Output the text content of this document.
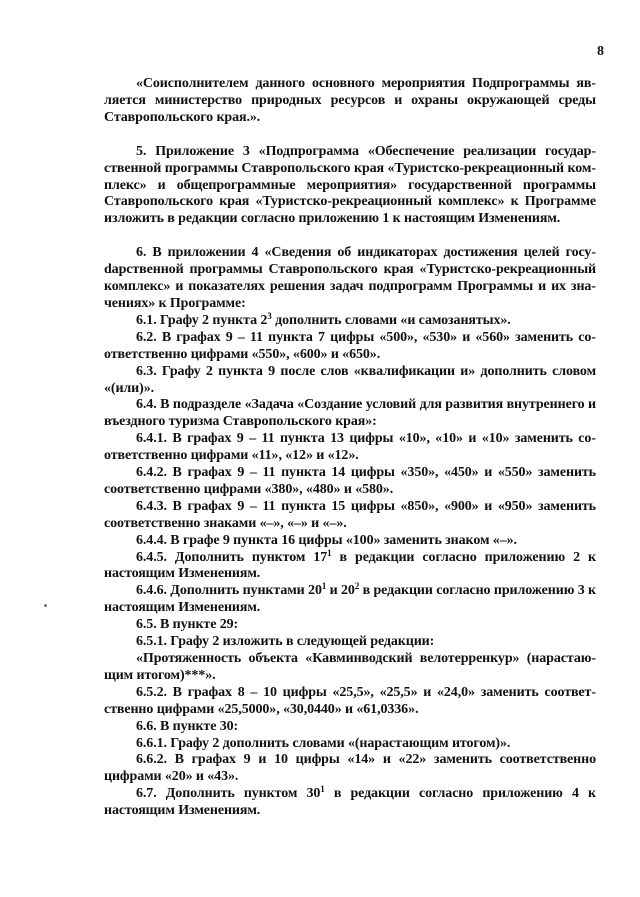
8

«Соисполнителем данного основного мероприятия Подпрограммы является министерство природных ресурсов и охраны окружающей среды Ставропольского края.».

5. Приложение 3 «Подпрограмма «Обеспечение реализации государственной программы Ставропольского края «Туристско-рекреационный комплекс» и общепрограммные мероприятия» государственной программы Ставропольского края «Туристско-рекреационный комплекс» к Программе изложить в редакции согласно приложению 1 к настоящим Изменениям.

6. В приложении 4 «Сведения об индикаторах достижения целей госуdарственной программы Ставропольского края «Туристско-рекреационный комплекс» и показателях решения задач подпрограмм Программы и их значениях» к Программе:

6.1. Графу 2 пункта $2^3$ дополнить словами «и самозанятых».

6.2. В графах 9 – 11 пункта 7 цифры «500», «530» и «560» заменить соответственно цифрами «550», «600» и «650».

6.3. Графу 2 пункта 9 после слов «квалификации и» дополнить словом «(или)».

6.4. В подразделе «Задача «Создание условий для развития внутреннего и въездного туризма Ставропольского края»:

6.4.1. В графах 9 – 11 пункта 13 цифры «10», «10» и «10» заменить соответственно цифрами «11», «12» и «12».

6.4.2. В графах 9 – 11 пункта 14 цифры «350», «450» и «550» заменить соответственно цифрами «380», «480» и «580».

6.4.3. В графах 9 – 11 пункта 15 цифры «850», «900» и «950» заменить соответственно знаками «–», «–» и «–».

6.4.4. В графе 9 пункта 16 цифры «100» заменить знаком «–».

6.4.5. Дополнить пунктом $17^1$ в редакции согласно приложению 2 к настоящим Изменениям.

6.4.6. Дополнить пунктами $20^1$ и $20^2$ в редакции согласно приложению 3 к настоящим Изменениям.

6.5. В пункте 29:

6.5.1. Графу 2 изложить в следующей редакции:

«Протяженность объекта «Кавминводский велотерренкур» (нарастающим итогом)***».

6.5.2. В графах 8 – 10 цифры «25,5», «25,5» и «24,0» заменить соответственно цифрами «25,5000», «30,0440» и «61,0336».

6.6. В пункте 30:

6.6.1. Графу 2 дополнить словами «(нарастающим итогом)».

6.6.2. В графах 9 и 10 цифры «14» и «22» заменить соответственно цифрами «20» и «43».

6.7. Дополнить пунктом $30^1$ в редакции согласно приложению 4 к настоящим Изменениям.
